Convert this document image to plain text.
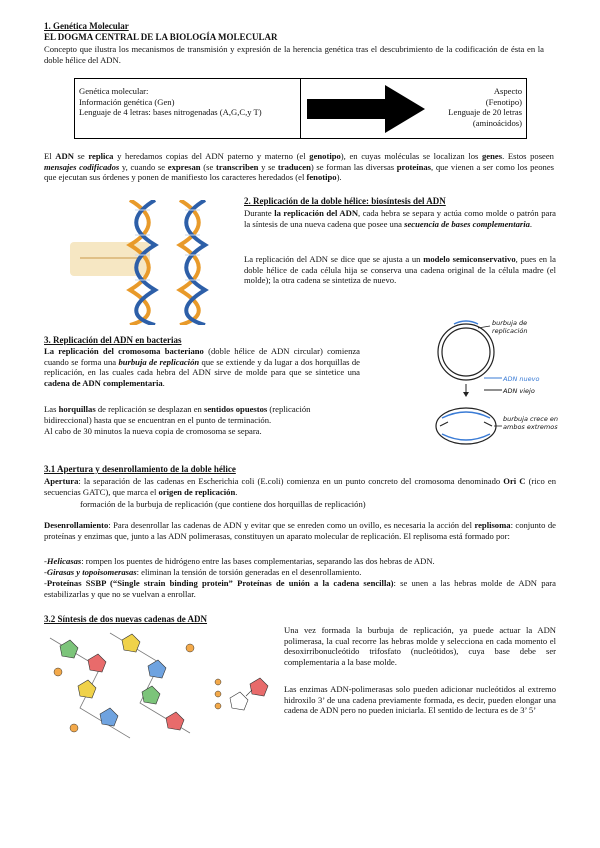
1. Genética Molecular
EL DOGMA CENTRAL DE LA BIOLOGÍA MOLECULAR

Concepto que ilustra los mecanismos de transmisión y expresión de la herencia genética tras el descubrimiento de la codificación de ésta en la doble hélice del ADN.

Genética molecular:
Información genética (Gen)
Lenguaje de 4 letras: bases nitrogenadas (A,G,C,y T)
Aspecto
(Fenotipo)
Lenguaje de 20 letras
(aminoácidos)

El ADN se replica y heredamos copias del ADN paterno y materno (el genotipo), en cuyas moléculas se localizan los genes. Estos poseen mensajes codificados y, cuando se expresan (se transcriben y se traducen) se forman las diversas proteínas, que vienen a ser como los peones que ejecutan sus órdenes y ponen de manifiesto los caracteres heredados (el fenotipo).

2. Replicación de la doble hélice: biosíntesis del ADN

Durante la replicación del ADN, cada hebra se separa y actúa como molde o patrón para la síntesis de una nueva cadena que posee una secuencia de bases complementaria.

La replicación del ADN se dice que se ajusta a un modelo semiconservativo, pues en la doble hélice de cada célula hija se conserva una cadena original de la célula madre (el molde); la otra cadena se sintetiza de nuevo.

3. Replicación del ADN en bacterias

La replicación del cromosoma bacteriano (doble hélice de ADN circular) comienza cuando se forma una burbuja de replicación que se extiende y da lugar a dos horquillas de replicación, en las cuales cada hebra del ADN sirve de molde para que se sintetice una cadena de ADN complementaria.

Las horquillas de replicación se desplazan en sentidos opuestos (replicación bidireccional) hasta que se encuentran en el punto de terminación.

Al cabo de 30 minutos la nueva copia de cromosoma se separa.

burbuja de replicación
ADN nuevo
ADN viejo
burbuja crece en ambos extremos
3.1 Apertura y desenrollamiento de la doble hélice

Apertura: la separación de las cadenas en Escherichia coli (E.coli) comienza en un punto concreto del cromosoma denominado Ori C (rico en secuencias GATC), que marca el origen de replicación.

formación de la burbuja de replicación (que contiene dos horquillas de replicación)

Desenrollamiento: Para desenrollar las cadenas de ADN y evitar que se enreden como un ovillo, es necesaria la acción del replisoma: conjunto de proteínas y enzimas que, junto a las ADN polimerasas, constituyen un aparato molecular de replicación. El replisoma está formado por:

-Helicasas: rompen los puentes de hidrógeno entre las bases complementarias, separando las dos hebras de ADN.

-Girasas y topoisomerasas: eliminan la tensión de torsión generadas en el desenrollamiento.

-Proteínas SSBP (“Single strain binding protein” Proteínas de unión a la cadena sencilla): se unen a las hebras molde de ADN para estabilizarlas y que no se vuelvan a enrollar.

3.2 Síntesis de dos nuevas cadenas de ADN

Una vez formada la burbuja de replicación, ya puede actuar la ADN polimerasa, la cual recorre las hebras molde y selecciona en cada momento el desoxirribonucleótido trifosfato (nucleótidos), cuya base debe ser complementaria a la base molde.

Las enzimas ADN-polimerasas solo pueden adicionar nucleótidos al extremo hidroxilo 3’ de una cadena previamente formada, es decir, pueden elongar una cadena de ADN pero no pueden iniciarla. El sentido de lectura es de 3’ 5’
